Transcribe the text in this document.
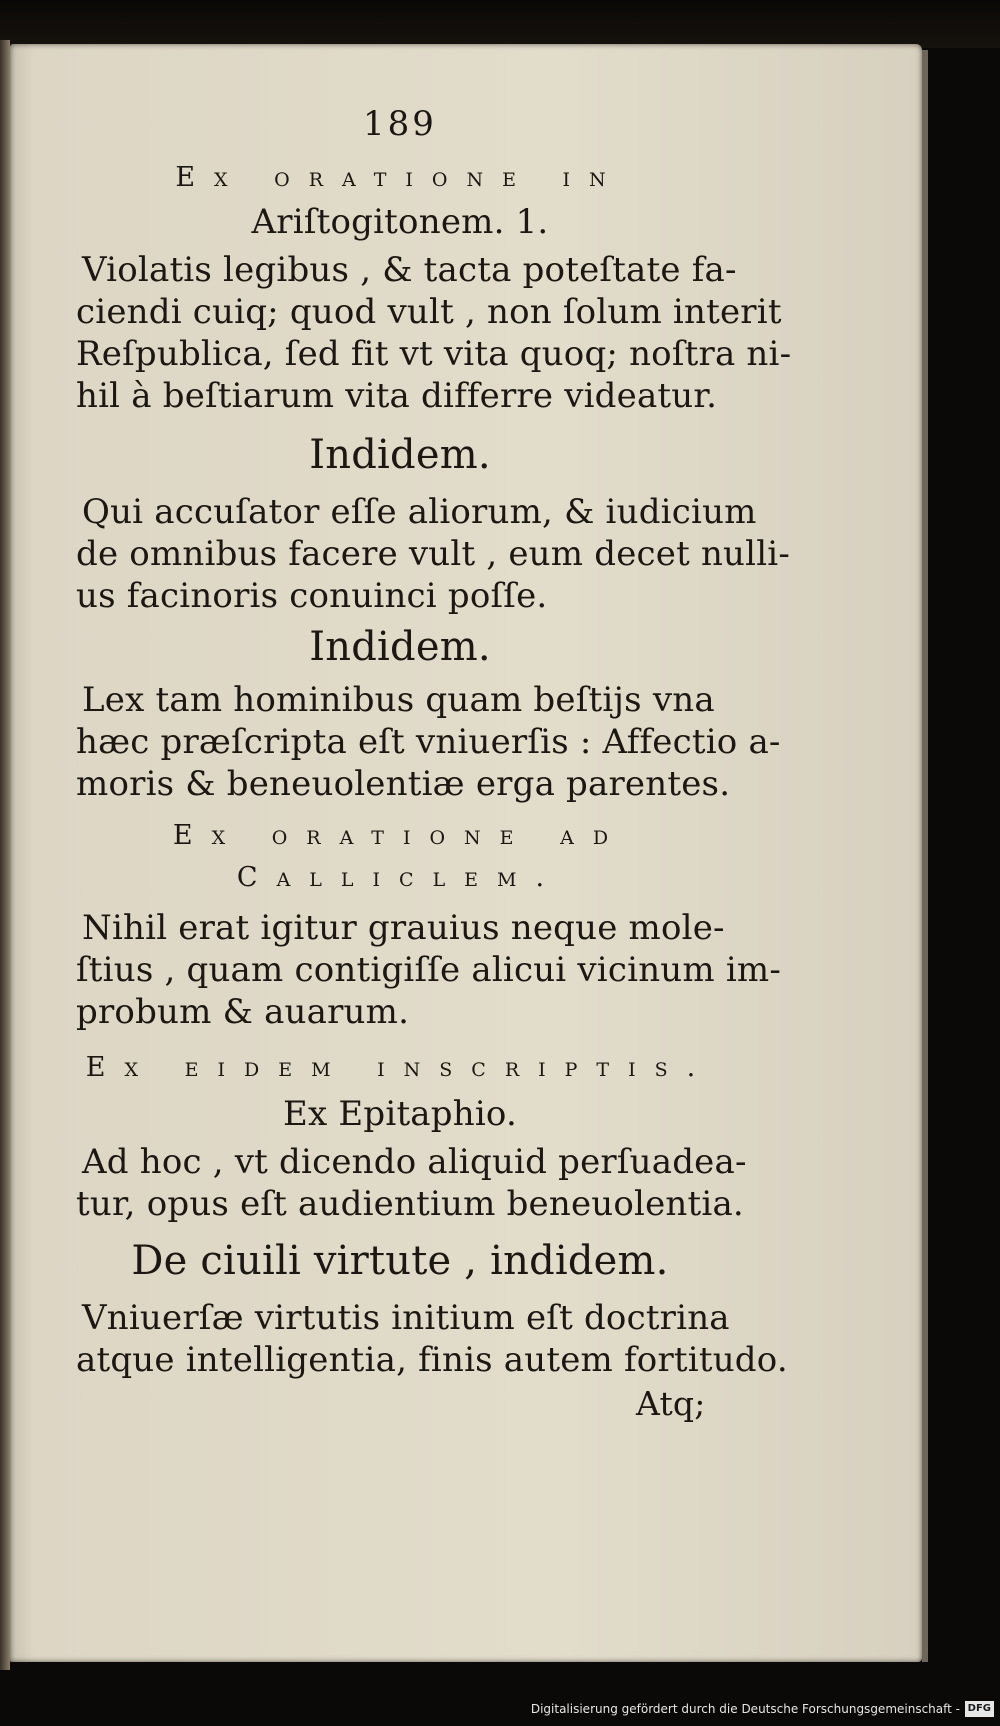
189
Ex oratione in
Ariſtogitonem. 1.
Violatis legibus , & tacta poteſtate fa-
ciendi cuiq; quod vult , non ſolum interit
Reſpublica, ſed fit vt vita quoq; noſtra ni-
hil à beſtiarum vita differre videatur.
Indidem.
Qui accuſator eſſe aliorum, & iudicium
de omnibus facere vult , eum decet nulli-
us facinoris conuinci poſſe.
Indidem.
Lex tam hominibus quam beſtijs vna
hæc præſcripta eſt vniuerſis : Affectio a-
moris & beneuolentiæ erga parentes.
Ex oratione ad
Calliclem.
Nihil erat igitur grauius neque mole-
ſtius , quam contigiſſe alicui vicinum im-
probum & auarum.
Ex eidem inscriptis.
Ex Epitaphio.
Ad hoc , vt dicendo aliquid perſuadea-
tur, opus eſt audientium beneuolentia.
De ciuili virtute , indidem.
Vniuerſæ virtutis initium eſt doctrina
atque intelligentia, finis autem fortitudo.
Atq;
Digitalisierung gefördert durch die Deutsche Forschungsgemeinschaft - DFG
